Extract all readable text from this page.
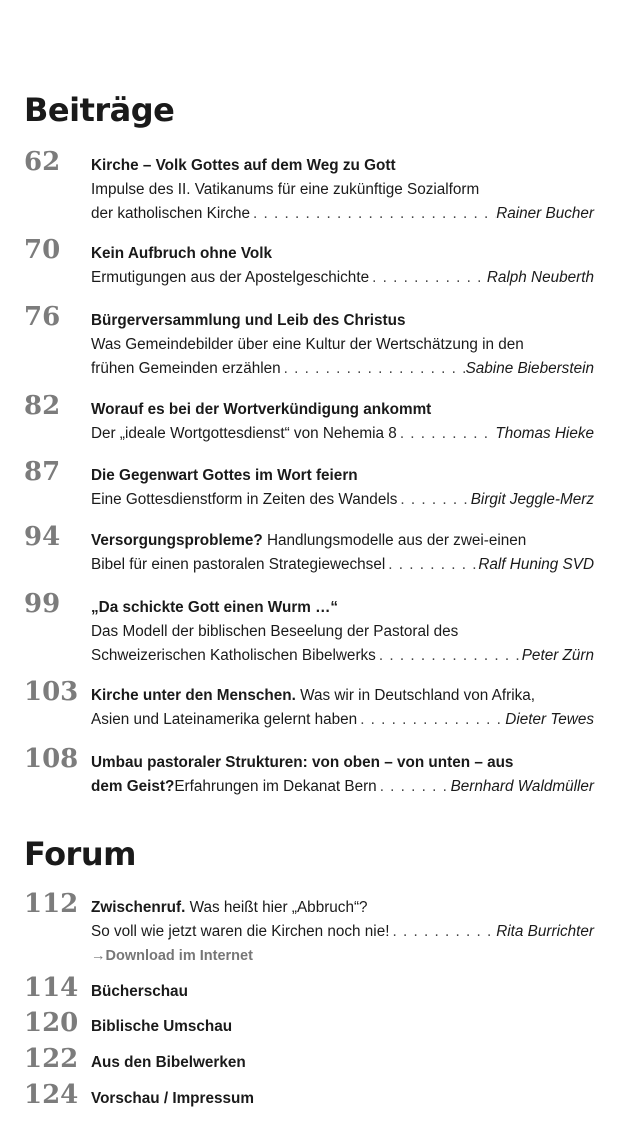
Beiträge
62 Kirche – Volk Gottes auf dem Weg zu Gott
Impulse des II. Vatikanums für eine zukünftige Sozialform
der katholischen Kirche . . .	Rainer Bucher
70 Kein Aufbruch ohne Volk
Ermutigungen aus der Apostelgeschichte . . .	Ralph Neuberth
76 Bürgerversammlung und Leib des Christus
Was Gemeindebilder über eine Kultur der Wertschätzung in den
frühen Gemeinden erzählen . . .	Sabine Bieberstein
82 Worauf es bei der Wortverkündigung ankommt
Der „ideale Wortgottesdienst“ von Nehemia 8 . . .	Thomas Hieke
87 Die Gegenwart Gottes im Wort feiern
Eine Gottesdienstform in Zeiten des Wandels . . .	Birgit Jeggle-Merz
94 Versorgungsprobleme? Handlungsmodelle aus der zwei-einen
Bibel für einen pastoralen Strategiewechsel . . .	Ralf Huning SVD
99 „Da schickte Gott einen Wurm …“
Das Modell der biblischen Beseelung der Pastoral des
Schweizerischen Katholischen Bibelwerks . . .	Peter Zürn
103 Kirche unter den Menschen. Was wir in Deutschland von Afrika,
Asien und Lateinamerika gelernt haben . . .	Dieter Tewes
108 Umbau pastoraler Strukturen: von oben – von unten – aus
dem Geist? Erfahrungen im Dekanat Bern . . .	Bernhard Waldmüller
Forum
112 Zwischenruf. Was heißt hier „Abbruch“?
So voll wie jetzt waren die Kirchen noch nie! . . .	Rita Burrichter
→Download im Internet
114 Bücherschau
120 Biblische Umschau
122 Aus den Bibelwerken
124 Vorschau / Impressum
